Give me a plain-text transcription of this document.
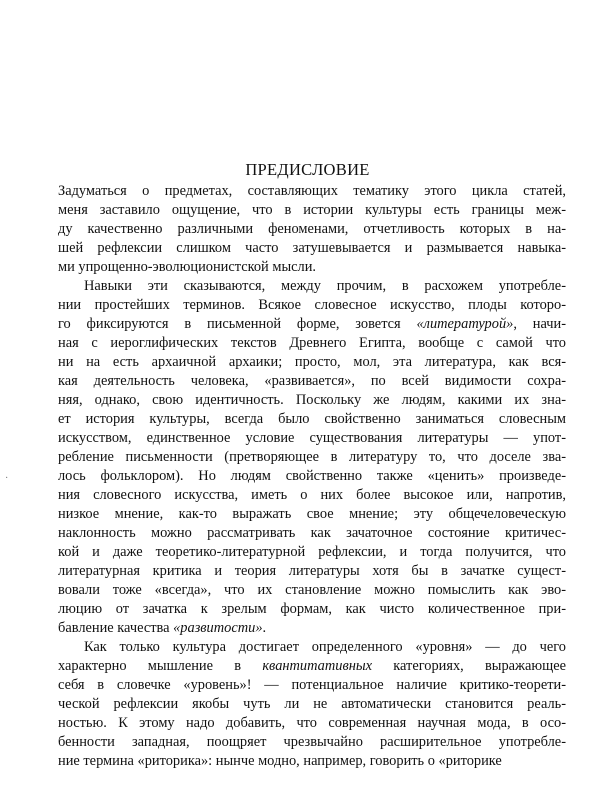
ПРЕДИСЛОВИЕ
Задуматься о предметах, составляющих тематику этого цикла статей,
меня заставило ощущение, что в истории культуры есть границы меж-
ду качественно различными феноменами, отчетливость которых в на-
шей рефлексии слишком часто затушевывается и размывается навыка-
ми упрощенно-эволюционистской мысли.
Навыки эти сказываются, между прочим, в расхожем употребле-
нии простейших терминов. Всякое словесное искусство, плоды которо-
го фиксируются в письменной форме, зовется «литературой», начи-
ная с иероглифических текстов Древнего Египта, вообще с самой что
ни на есть архаичной архаики; просто, мол, эта литература, как вся-
кая деятельность человека, «развивается», по всей видимости сохра-
няя, однако, свою идентичность. Поскольку же людям, какими их зна-
ет история культуры, всегда было свойственно заниматься словесным
искусством, единственное условие существования литературы — упот-
ребление письменности (претворяющее в литературу то, что доселе зва-
лось фольклором). Но людям свойственно также «ценить» произведе-
ния словесного искусства, иметь о них более высокое или, напротив,
низкое мнение, как-то выражать свое мнение; эту общечеловеческую
наклонность можно рассматривать как зачаточное состояние критичес-
кой и даже теоретико-литературной рефлексии, и тогда получится, что
литературная критика и теория литературы хотя бы в зачатке сущест-
вовали тоже «всегда», что их становление можно помыслить как эво-
люцию от зачатка к зрелым формам, как чисто количественное при-
бавление качества «развитости».
Как только культура достигает определенного «уровня» — до чего
характерно мышление в квантитативных категориях, выражающее
себя в словечке «уровень»! — потенциальное наличие критико-теорети-
ческой рефлексии якобы чуть ли не автоматически становится реаль-
ностью. К этому надо добавить, что современная научная мода, в осо-
бенности западная, поощряет чрезвычайно расширительное употребле-
ние термина «риторика»: нынче модно, например, говорить о «риторике
·
